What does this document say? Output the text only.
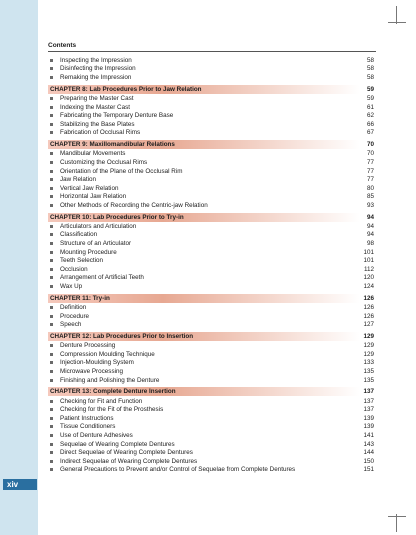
xiv
Contents
Inspecting the Impression	58
Disinfecting the Impression	58
Remaking the Impression	58
CHAPTER 8: Lab Procedures Prior to Jaw Relation	59
Preparing the Master Cast	59
Indexing the Master Cast	61
Fabricating the Temporary Denture Base	62
Stabilizing the Base Plates	66
Fabrication of Occlusal Rims	67
CHAPTER 9: Maxillomandibular Relations	70
Mandibular Movements	70
Customizing the Occlusal Rims	77
Orientation of the Plane of the Occlusal Rim	77
Jaw Relation	77
Vertical Jaw Relation	80
Horizontal Jaw Relation	85
Other Methods of Recording the Centric-jaw Relation	93
CHAPTER 10: Lab Procedures Prior to Try-in	94
Articulators and Articulation	94
Classification	94
Structure of an Articulator	98
Mounting Procedure	101
Teeth Selection	101
Occlusion	112
Arrangement of Artificial Teeth	120
Wax Up	124
CHAPTER 11: Try-in	126
Definition	126
Procedure	126
Speech	127
CHAPTER 12: Lab Procedures Prior to Insertion	129
Denture Processing	129
Compression Moulding Technique	129
Injection-Moulding System	133
Microwave Processing	135
Finishing and Polishing the Denture	135
CHAPTER 13: Complete Denture Insertion	137
Checking for Fit and Function	137
Checking for the Fit of the Prosthesis	137
Patient Instructions	139
Tissue Conditioners	139
Use of Denture Adhesives	141
Sequelae of Wearing Complete Dentures	143
Direct Sequelae of Wearing Complete Dentures	144
Indirect Sequelae of Wearing Complete Dentures	150
General Precautions to Prevent and/or Control of Sequelae from Complete Dentures	151
